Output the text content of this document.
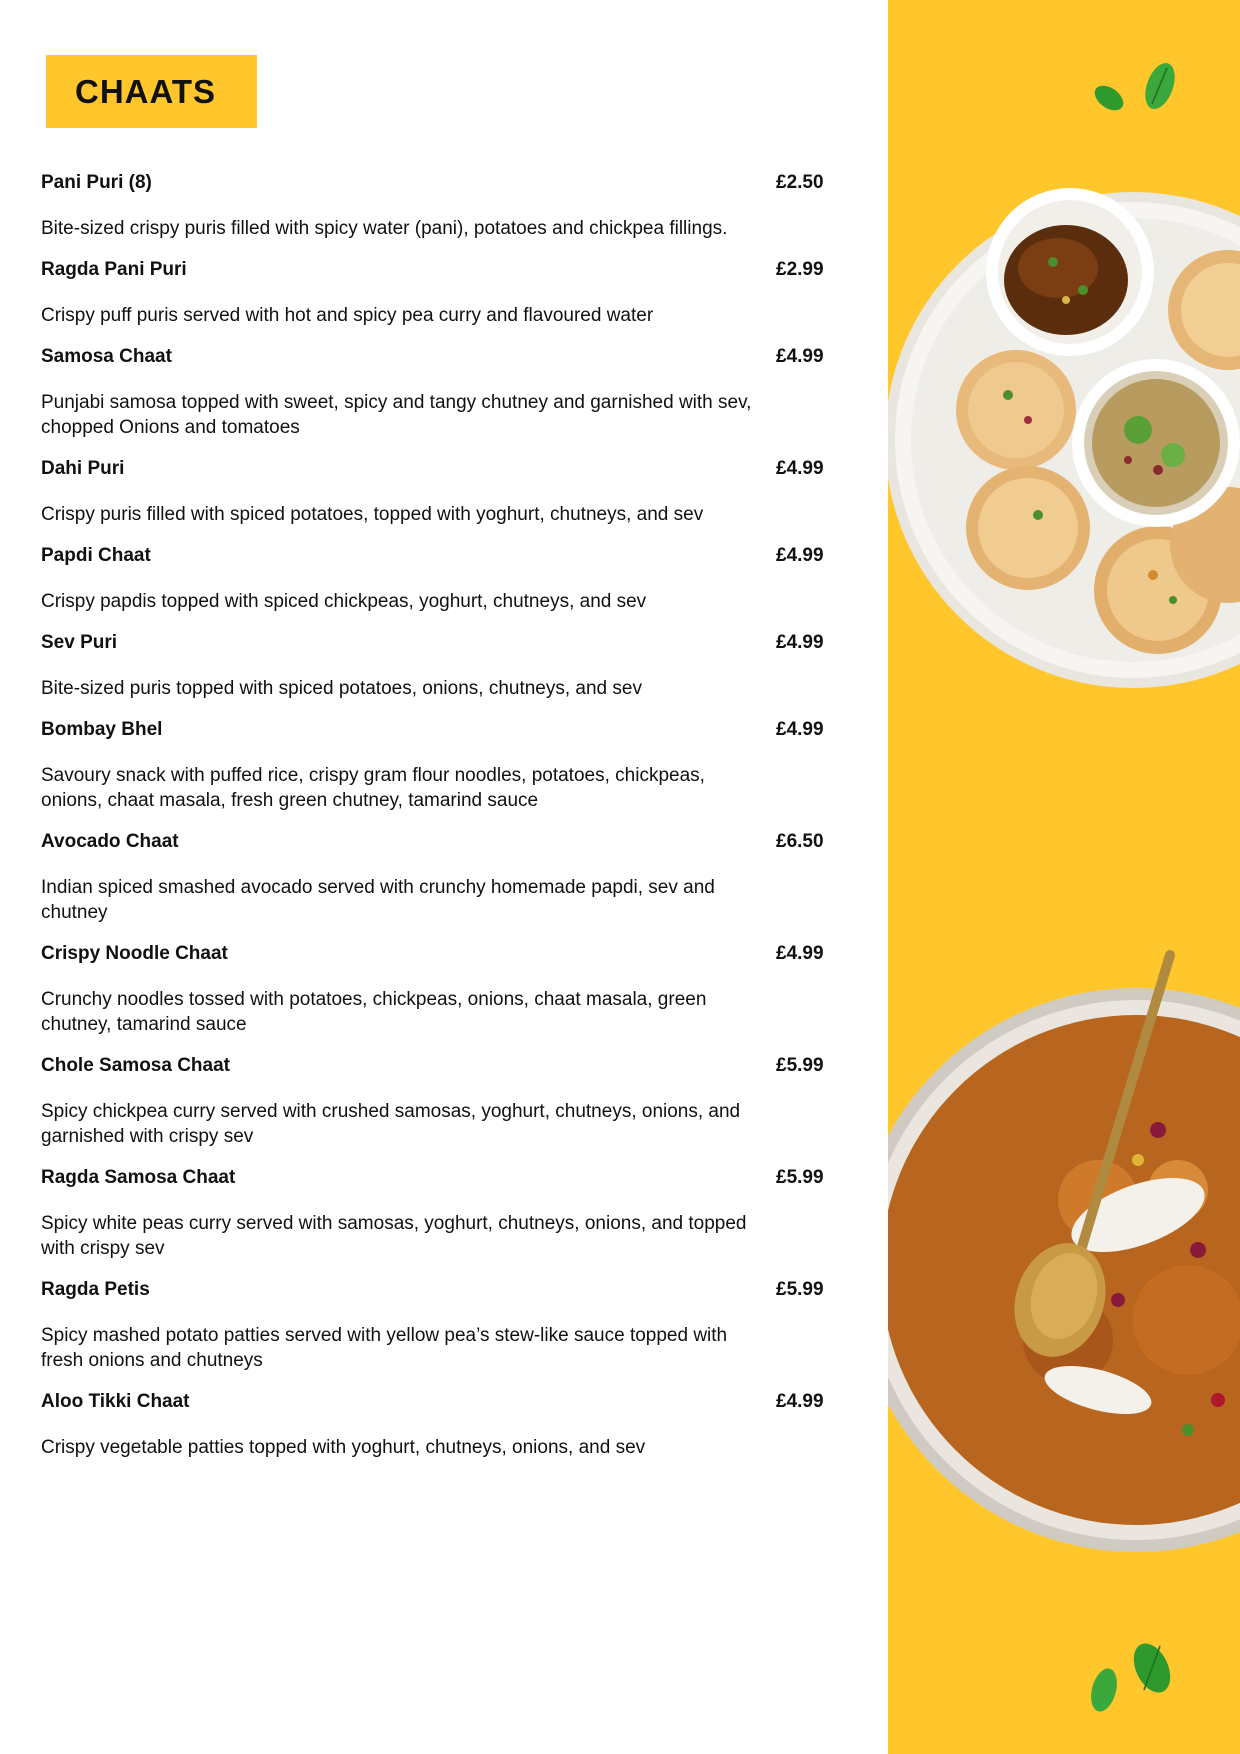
CHAATS
Pani Puri (8)	£2.50
Bite-sized crispy puris filled with spicy water (pani), potatoes and chickpea fillings.
Ragda Pani Puri	£2.99
Crispy puff puris served with hot and spicy pea curry and flavoured water
Samosa Chaat	£4.99
Punjabi samosa topped with sweet, spicy and tangy chutney and garnished with sev, chopped Onions and tomatoes
Dahi Puri	£4.99
Crispy puris filled with spiced potatoes, topped with yoghurt, chutneys, and sev
Papdi Chaat	£4.99
Crispy papdis topped with spiced chickpeas, yoghurt, chutneys, and sev
Sev Puri	£4.99
Bite-sized puris topped with spiced potatoes, onions, chutneys, and sev
Bombay Bhel	£4.99
Savoury snack with puffed rice, crispy gram flour noodles, potatoes, chickpeas, onions, chaat masala, fresh green chutney, tamarind sauce
Avocado Chaat	£6.50
Indian spiced smashed avocado served with crunchy homemade papdi, sev and chutney
Crispy Noodle Chaat	£4.99
Crunchy noodles tossed with potatoes, chickpeas, onions, chaat masala, green chutney, tamarind sauce
Chole Samosa Chaat	£5.99
Spicy chickpea curry served with crushed samosas, yoghurt, chutneys, onions, and garnished with crispy sev
Ragda Samosa Chaat	£5.99
Spicy white peas curry served with samosas, yoghurt, chutneys, onions, and topped with crispy sev
Ragda Petis	£5.99
Spicy mashed potato patties served with yellow pea’s stew-like sauce topped with fresh onions and chutneys
Aloo Tikki Chaat	£4.99
Crispy vegetable patties topped with yoghurt, chutneys, onions, and sev
